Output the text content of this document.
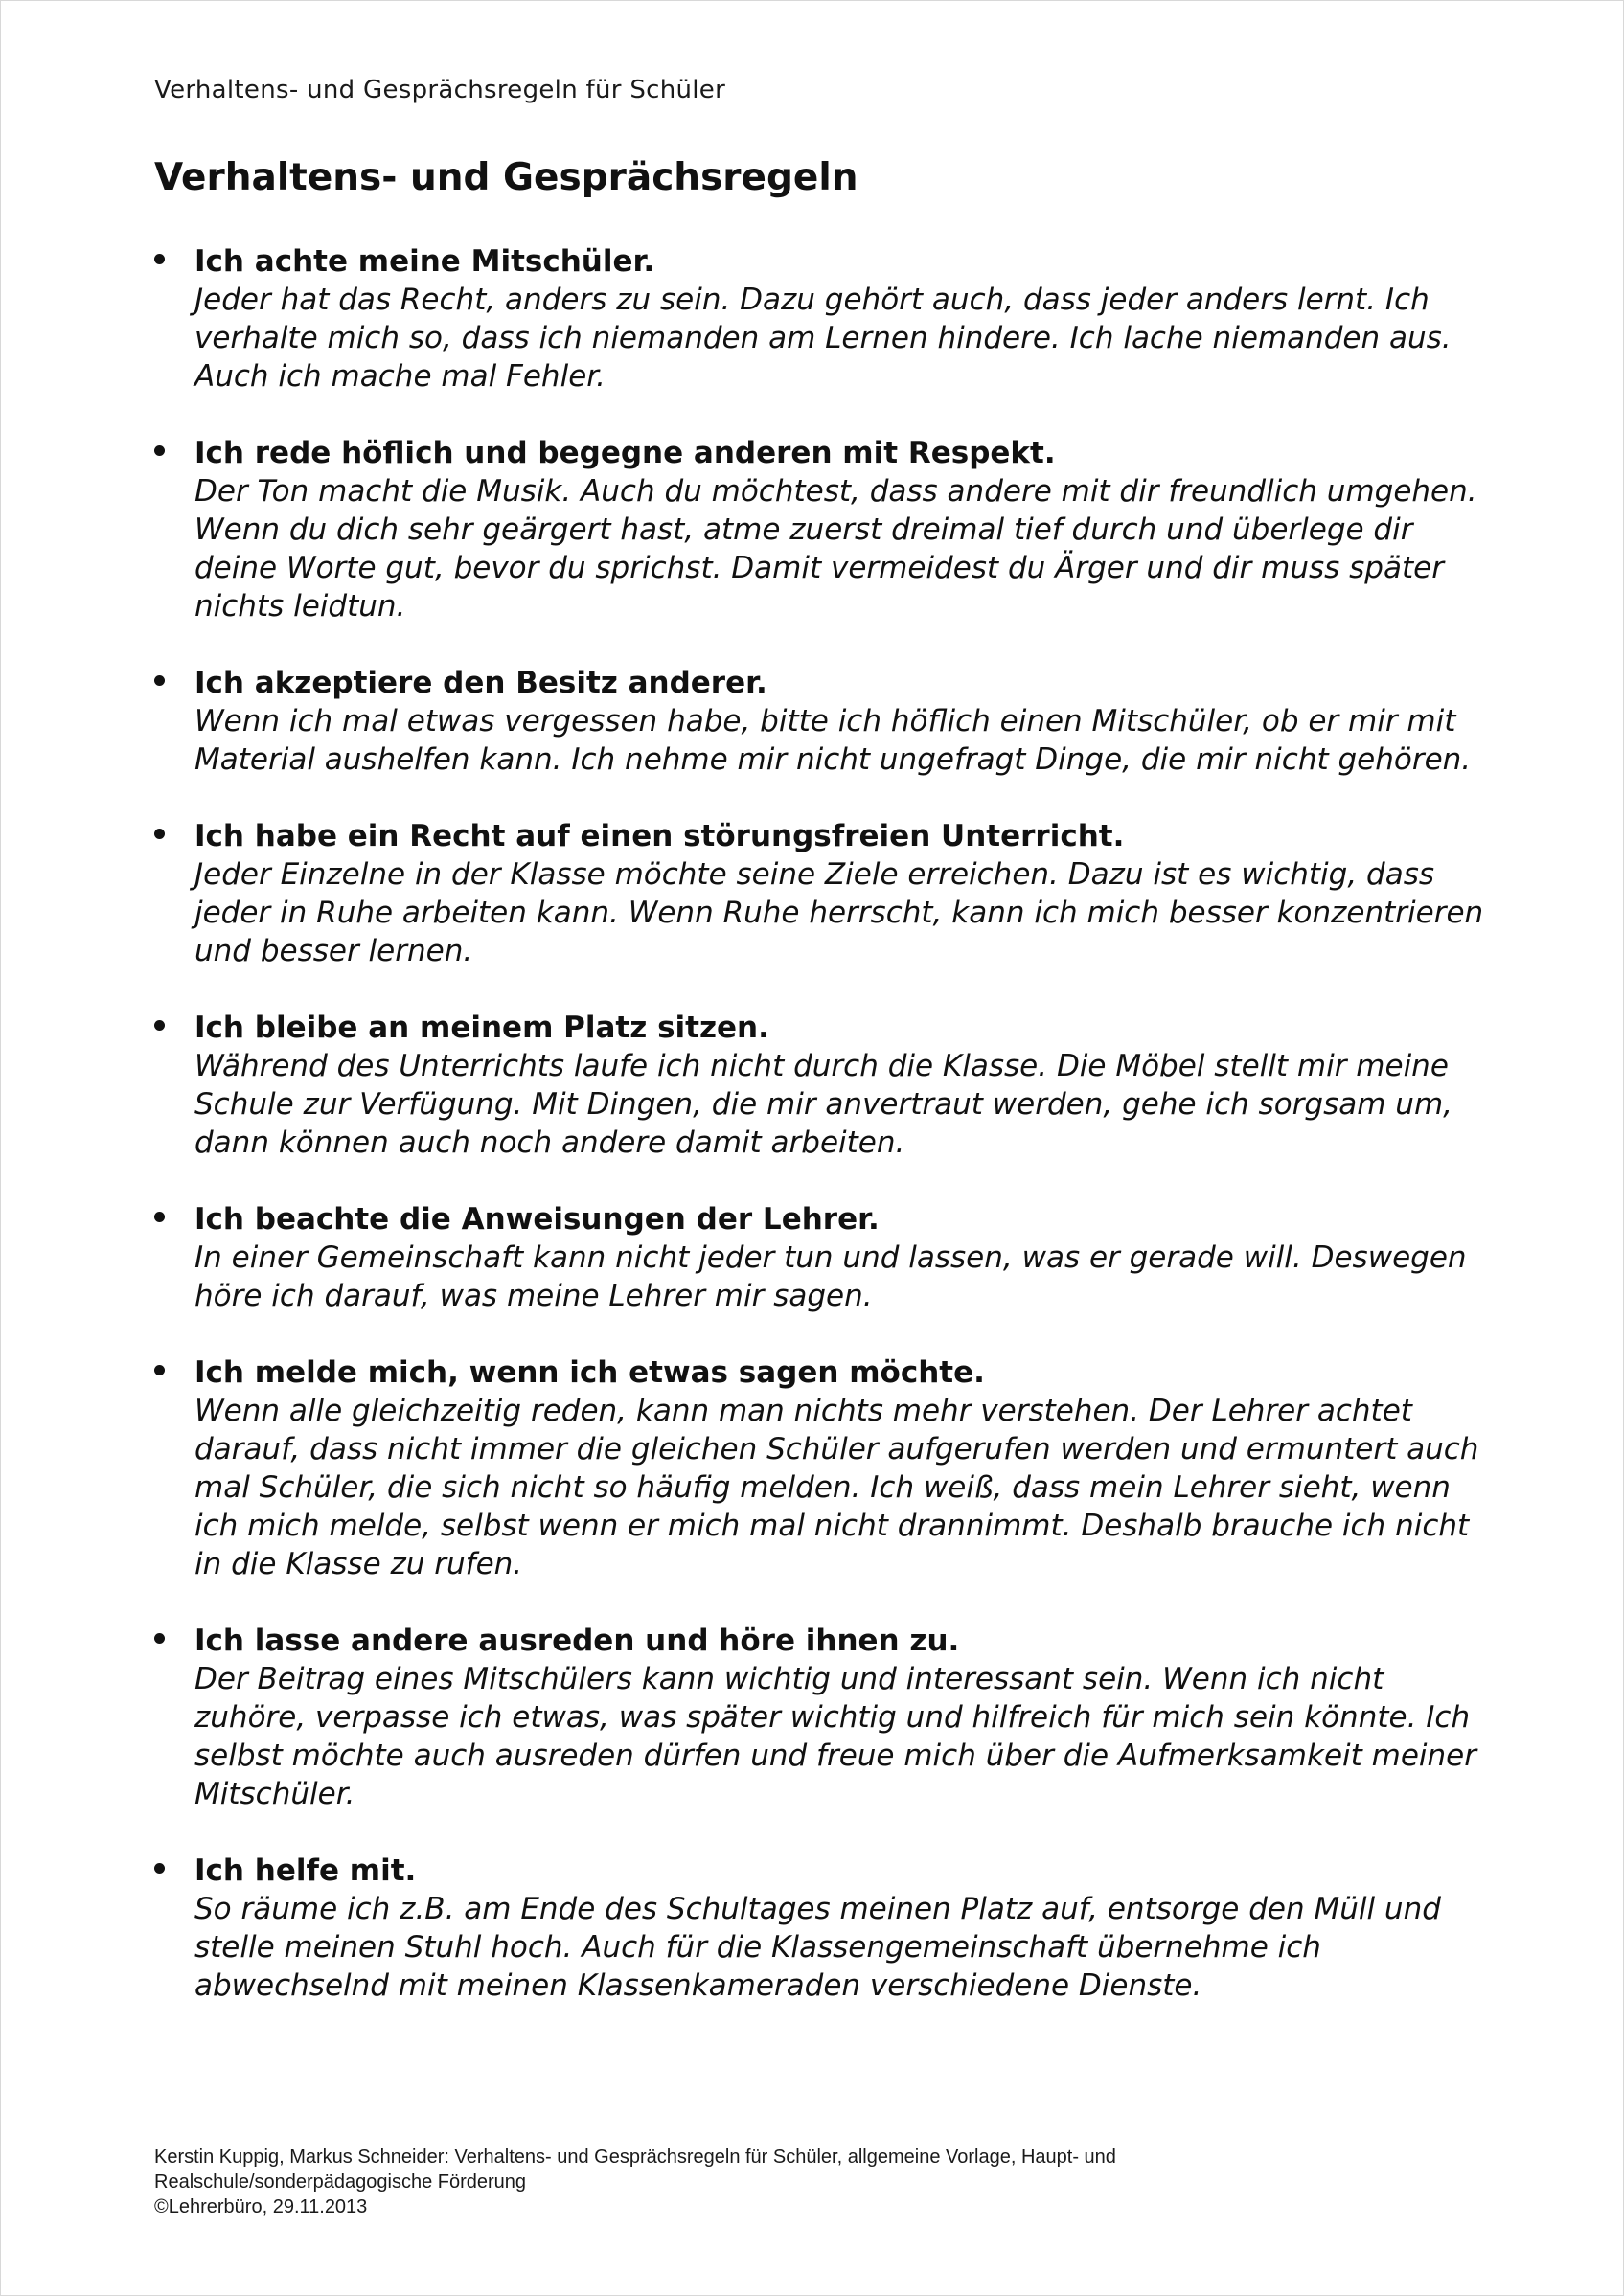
Verhaltens- und Gesprächsregeln für Schüler
Verhaltens- und Gesprächsregeln
Ich achte meine Mitschüler.
Jeder hat das Recht, anders zu sein. Dazu gehört auch, dass jeder anders lernt. Ich verhalte mich so, dass ich niemanden am Lernen hindere. Ich lache niemanden aus. Auch ich mache mal Fehler.
Ich rede höflich und begegne anderen mit Respekt.
Der Ton macht die Musik. Auch du möchtest, dass andere mit dir freundlich umgehen. Wenn du dich sehr geärgert hast, atme zuerst dreimal tief durch und überlege dir deine Worte gut, bevor du sprichst. Damit vermeidest du Ärger und dir muss später nichts leidtun.
Ich akzeptiere den Besitz anderer.
Wenn ich mal etwas vergessen habe, bitte ich höflich einen Mitschüler, ob er mir mit Material aushelfen kann. Ich nehme mir nicht ungefragt Dinge, die mir nicht gehören.
Ich habe ein Recht auf einen störungsfreien Unterricht.
Jeder Einzelne in der Klasse möchte seine Ziele erreichen. Dazu ist es wichtig, dass jeder in Ruhe arbeiten kann. Wenn Ruhe herrscht, kann ich mich besser konzentrieren und besser lernen.
Ich bleibe an meinem Platz sitzen.
Während des Unterrichts laufe ich nicht durch die Klasse. Die Möbel stellt mir meine Schule zur Verfügung. Mit Dingen, die mir anvertraut werden, gehe ich sorgsam um, dann können auch noch andere damit arbeiten.
Ich beachte die Anweisungen der Lehrer.
In einer Gemeinschaft kann nicht jeder tun und lassen, was er gerade will. Deswegen höre ich darauf, was meine Lehrer mir sagen.
Ich melde mich, wenn ich etwas sagen möchte.
Wenn alle gleichzeitig reden, kann man nichts mehr verstehen. Der Lehrer achtet darauf, dass nicht immer die gleichen Schüler aufgerufen werden und ermuntert auch mal Schüler, die sich nicht so häufig melden. Ich weiß, dass mein Lehrer sieht, wenn ich mich melde, selbst wenn er mich mal nicht drannimmt. Deshalb brauche ich nicht in die Klasse zu rufen.
Ich lasse andere ausreden und höre ihnen zu.
Der Beitrag eines Mitschülers kann wichtig und interessant sein. Wenn ich nicht zuhöre, verpasse ich etwas, was später wichtig und hilfreich für mich sein könnte. Ich selbst möchte auch ausreden dürfen und freue mich über die Aufmerksamkeit meiner Mitschüler.
Ich helfe mit.
So räume ich z.B. am Ende des Schultages meinen Platz auf, entsorge den Müll und stelle meinen Stuhl hoch. Auch für die Klassengemeinschaft übernehme ich abwechselnd mit meinen Klassenkameraden verschiedene Dienste.
Kerstin Kuppig, Markus Schneider: Verhaltens- und Gesprächsregeln für Schüler, allgemeine Vorlage, Haupt- und
Realschule/sonderpädagogische Förderung
©Lehrerbüro, 29.11.2013
